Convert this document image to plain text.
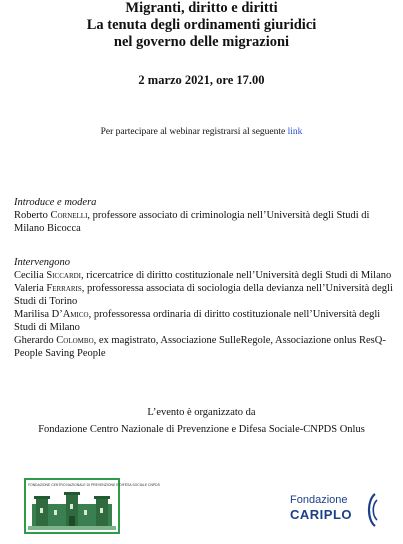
Migranti, diritto e diritti
La tenuta degli ordinamenti giuridici
nel governo delle migrazioni
2 marzo 2021, ore 17.00
Per partecipare al webinar registrarsi al seguente link
Introduce e modera
Roberto Cornelli, professore associato di criminologia nell’Università degli Studi di Milano Bicocca
Intervengono
Cecilia Siccardi, ricercatrice di diritto costituzionale nell’Università degli Studi di Milano
Valeria Ferraris, professoressa associata di sociologia della devianza nell’Università degli Studi di Torino
Marilisa D’Amico, professoressa ordinaria di diritto costituzionale nell’Università degli Studi di Milano
Gherardo Colombo, ex magistrato, Associazione SulleRegole, Associazione onlus ResQ-People Saving People
L’evento è organizzato da
Fondazione Centro Nazionale di Prevenzione e Difesa Sociale-CNPDS Onlus
FONDAZIONE CENTRO NAZIONALE DI PREVENZIONE E DIFESA SOCIALE CNPDS
Fondazione
CARIPLO
